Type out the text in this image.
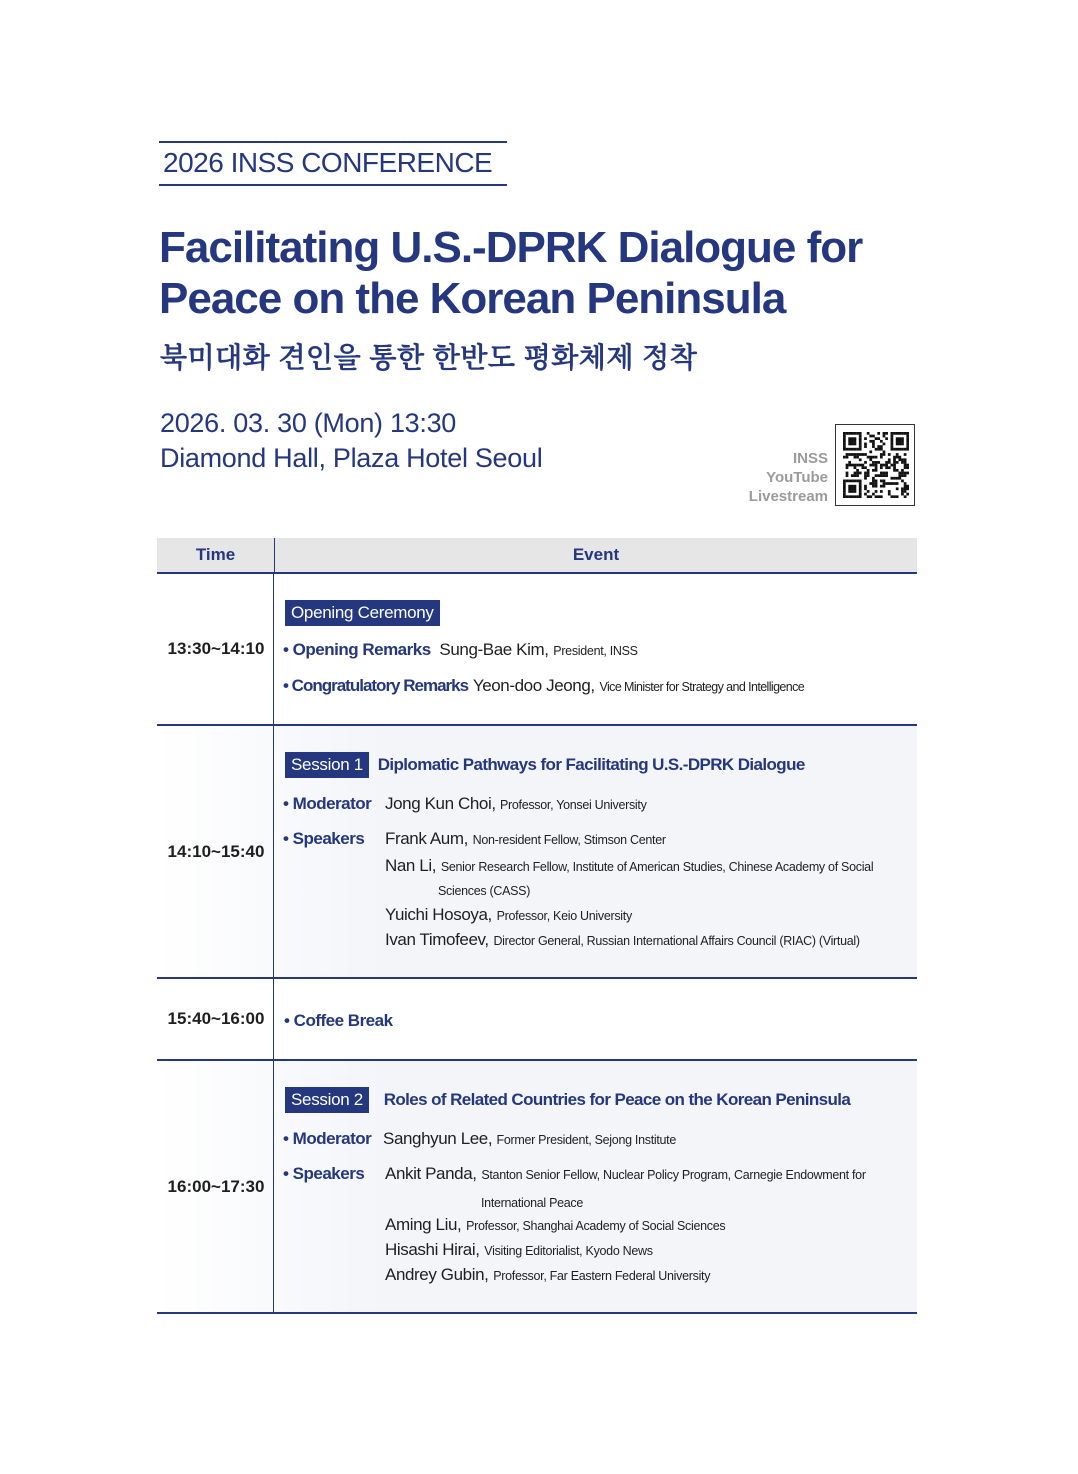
2026 INSS CONFERENCE
Facilitating U.S.-DPRK Dialogue for
Peace on the Korean Peninsula
북미대화 견인을 통한 한반도 평화체제 정착
2026. 03. 30 (Mon) 13:30
Diamond Hall, Plaza Hotel Seoul	INSS
YouTube
Livestream
Time	Event
13:30~14:10
Opening Ceremony
• Opening Remarks Sung-Bae Kim, President, INSS
• Congratulatory Remarks Yeon-doo Jeong, Vice Minister for Strategy and Intelligence
14:10~15:40
Session 1 Diplomatic Pathways for Facilitating U.S.-DPRK Dialogue
• Moderator Jong Kun Choi, Professor, Yonsei University
• Speakers Frank Aum, Non-resident Fellow, Stimson Center
Nan Li, Senior Research Fellow, Institute of American Studies, Chinese Academy of Social
Sciences (CASS)
Yuichi Hosoya, Professor, Keio University
Ivan Timofeev, Director General, Russian International Affairs Council (RIAC) (Virtual)
15:40~16:00	• Coffee Break
16:00~17:30
Session 2 Roles of Related Countries for Peace on the Korean Peninsula
• Moderator Sanghyun Lee, Former President, Sejong Institute
• Speakers Ankit Panda, Stanton Senior Fellow, Nuclear Policy Program, Carnegie Endowment for
International Peace
Aming Liu, Professor, Shanghai Academy of Social Sciences
Hisashi Hirai, Visiting Editorialist, Kyodo News
Andrey Gubin, Professor, Far Eastern Federal University
